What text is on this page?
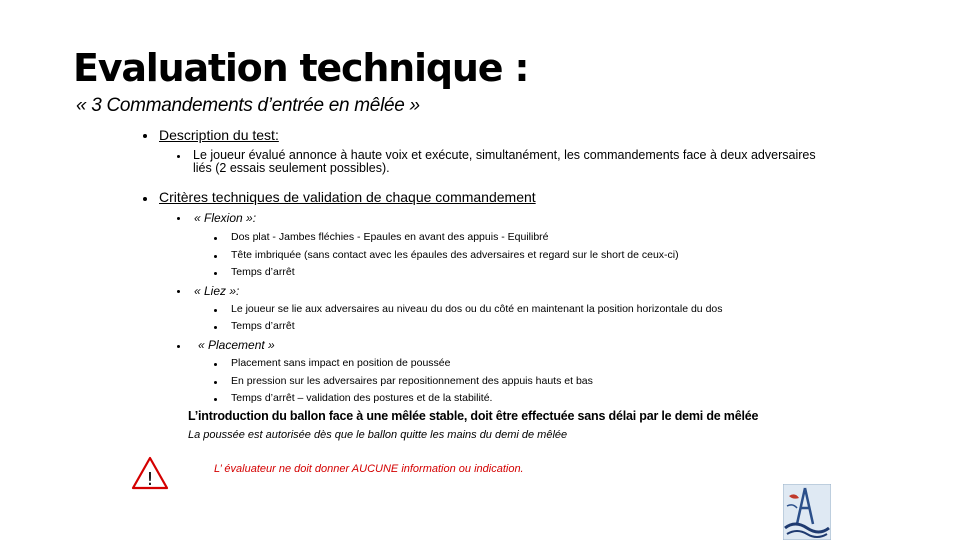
Evaluation technique :
« 3 Commandements d’entrée en mêlée »
Description du test:
Le joueur évalué annonce à haute voix et exécute, simultanément, les commandements face à deux adversaires liés (2 essais seulement possibles).
Critères techniques de validation de chaque commandement
« Flexion »:
Dos plat - Jambes fléchies - Epaules en avant des appuis - Equilibré
Tête imbriquée (sans contact avec les épaules des adversaires et regard sur le short de ceux-ci)
Temps d’arrêt
« Liez »:
Le joueur se lie aux adversaires au niveau du dos ou du côté en maintenant la position horizontale du dos
Temps d’arrêt
« Placement »
Placement sans impact en position de poussée
En pression sur les adversaires par repositionnement des appuis hauts et bas
Temps d’arrêt – validation des postures et de la stabilité.
L’introduction du ballon face à une mêlée stable, doit être effectuée sans délai par le demi de mêlée
La poussée est autorisée dès que le ballon quitte les mains du demi de mêlée
!	L’ évaluateur ne doit donner AUCUNE information ou indication.
